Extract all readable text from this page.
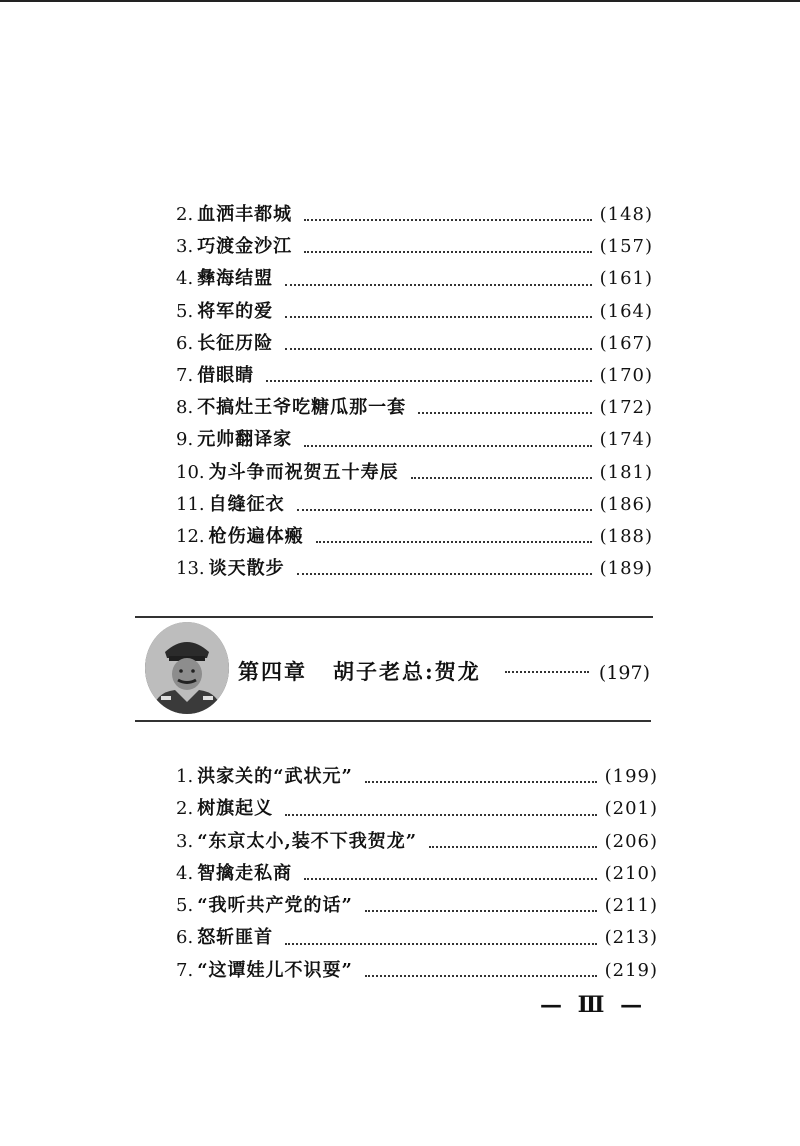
2. 血洒丰都城	(148)
3. 巧渡金沙江	(157)
4. 彝海结盟	(161)
5. 将军的爱	(164)
6. 长征历险	(167)
7. 借眼睛	(170)
8. 不搞灶王爷吃糖瓜那一套	(172)
9. 元帅翻译家	(174)
10. 为斗争而祝贺五十寿辰	(181)
11. 自缝征衣	(186)
12. 枪伤遍体瘢	(188)
13. 谈天散步	(189)
第四章 胡子老总:贺龙	(197)
1. 洪家关的“武状元”	(199)
2. 树旗起义	(201)
3. “东京太小,装不下我贺龙”	(206)
4. 智擒走私商	(210)
5. “我听共产党的话”	(211)
6. 怒斩匪首	(213)
7. “这谭娃儿不识耍”	(219)
— Ⅲ —
